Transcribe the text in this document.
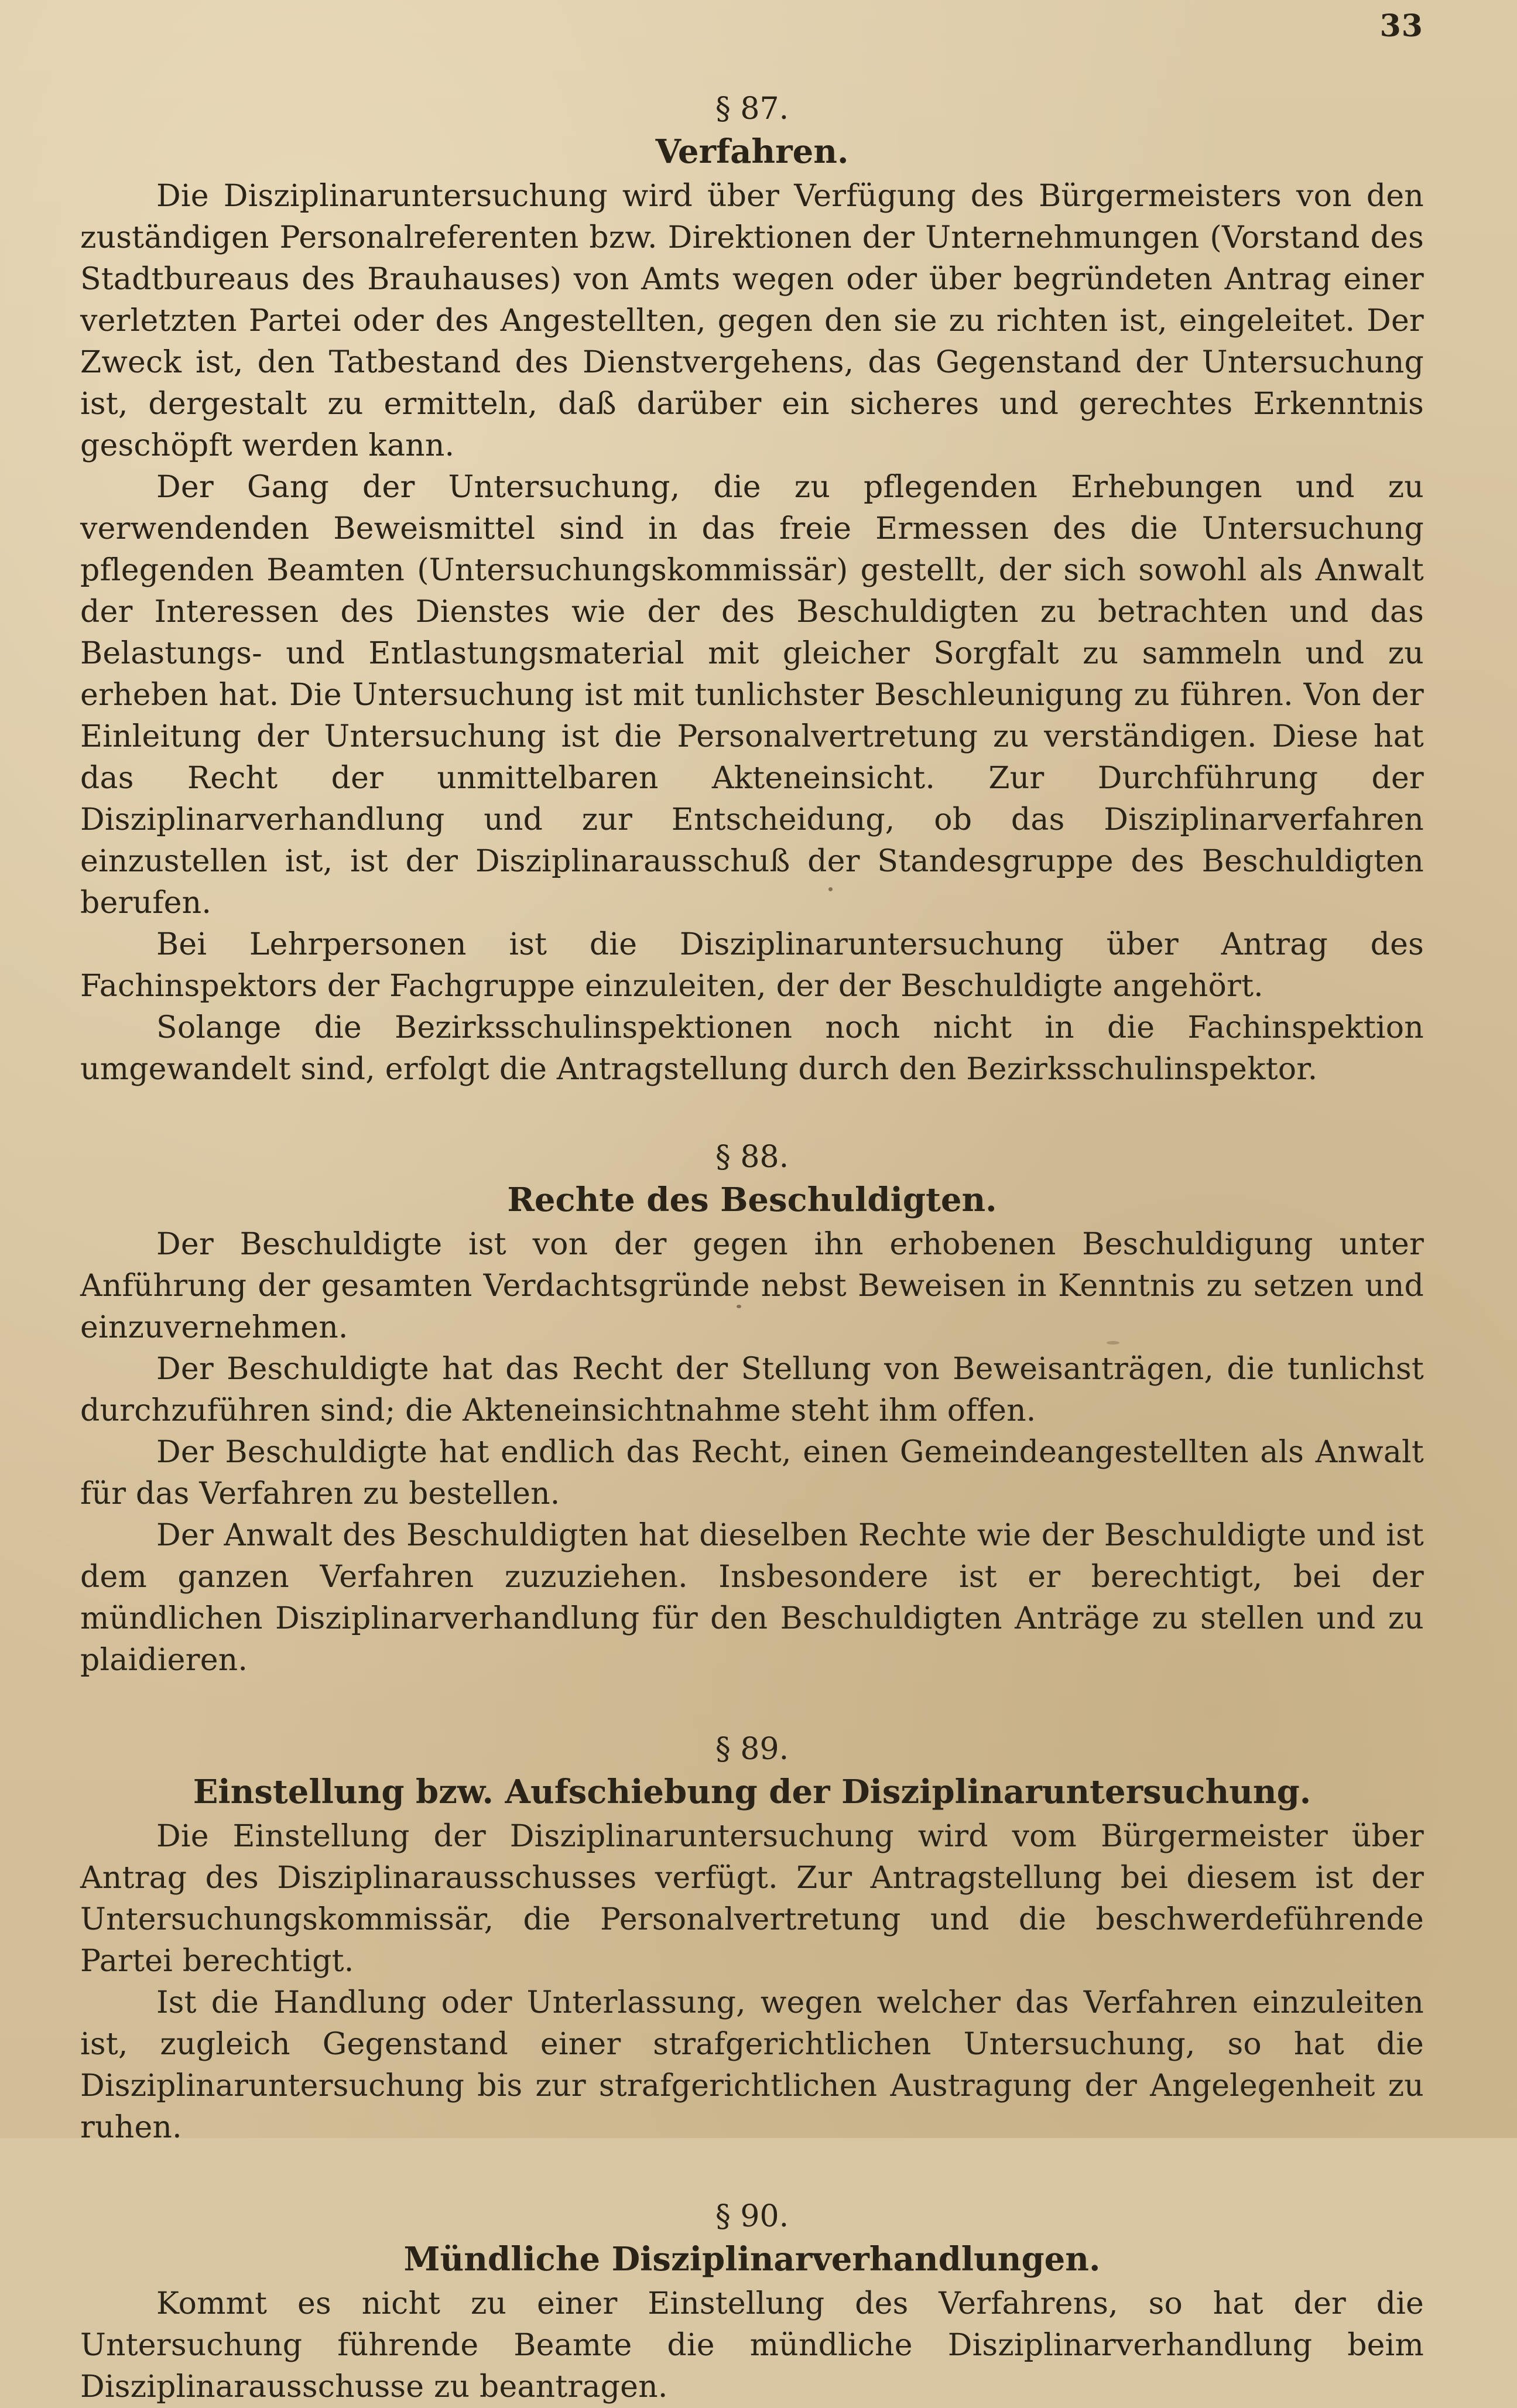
33
§ 87.
Verfahren.

Die Disziplinaruntersuchung wird über Verfügung des Bürgermeisters von den zuständigen Personalreferenten bzw. Direktionen der Unternehmungen (Vorstand des Stadtbureaus des Brauhauses) von Amts wegen oder über begründeten Antrag einer verletzten Partei oder des Angestellten, gegen den sie zu richten ist, eingeleitet. Der Zweck ist, den Tatbestand des Dienstvergehens, das Gegenstand der Untersuchung ist, dergestalt zu ermitteln, daß darüber ein sicheres und gerechtes Erkenntnis geschöpft werden kann.

Der Gang der Untersuchung, die zu pflegenden Erhebungen und zu verwendenden Beweismittel sind in das freie Ermessen des die Untersuchung pflegenden Beamten (Untersuchungskommissär) gestellt, der sich sowohl als Anwalt der Interessen des Dienstes wie der des Beschuldigten zu betrachten und das Belastungs- und Entlastungsmaterial mit gleicher Sorgfalt zu sammeln und zu erheben hat. Die Untersuchung ist mit tunlichster Beschleunigung zu führen. Von der Einleitung der Untersuchung ist die Personalvertretung zu verständigen. Diese hat das Recht der unmittelbaren Akteneinsicht. Zur Durchführung der Disziplinarverhandlung und zur Entscheidung, ob das Disziplinarverfahren einzustellen ist, ist der Disziplinarausschuß der Standesgruppe des Beschuldigten berufen.

Bei Lehrpersonen ist die Disziplinaruntersuchung über Antrag des Fachinspektors der Fachgruppe einzuleiten, der der Beschuldigte angehört.

Solange die Bezirksschulinspektionen noch nicht in die Fachinspektion umgewandelt sind, erfolgt die Antragstellung durch den Bezirksschulinspektor.

§ 88.
Rechte des Beschuldigten.

Der Beschuldigte ist von der gegen ihn erhobenen Beschuldigung unter Anführung der gesamten Verdachtsgründe nebst Beweisen in Kenntnis zu setzen und einzuvernehmen.

Der Beschuldigte hat das Recht der Stellung von Beweisanträgen, die tunlichst durchzuführen sind; die Akteneinsichtnahme steht ihm offen.

Der Beschuldigte hat endlich das Recht, einen Gemeindeangestellten als Anwalt für das Verfahren zu bestellen.

Der Anwalt des Beschuldigten hat dieselben Rechte wie der Beschuldigte und ist dem ganzen Verfahren zuzuziehen. Insbesondere ist er berechtigt, bei der mündlichen Disziplinarverhandlung für den Beschuldigten Anträge zu stellen und zu plaidieren.

§ 89.
Einstellung bzw. Aufschiebung der Disziplinaruntersuchung.

Die Einstellung der Disziplinaruntersuchung wird vom Bürgermeister über Antrag des Disziplinarausschusses verfügt. Zur Antragstellung bei diesem ist der Untersuchungskommissär, die Personalvertretung und die beschwerdeführende Partei berechtigt.

Ist die Handlung oder Unterlassung, wegen welcher das Verfahren einzuleiten ist, zugleich Gegenstand einer strafgerichtlichen Untersuchung, so hat die Disziplinaruntersuchung bis zur strafgerichtlichen Austragung der Angelegenheit zu ruhen.

§ 90.
Mündliche Disziplinarverhandlungen.

Kommt es nicht zu einer Einstellung des Verfahrens, so hat der die Untersuchung führende Beamte die mündliche Disziplinarverhandlung beim Disziplinarausschusse zu beantragen.
